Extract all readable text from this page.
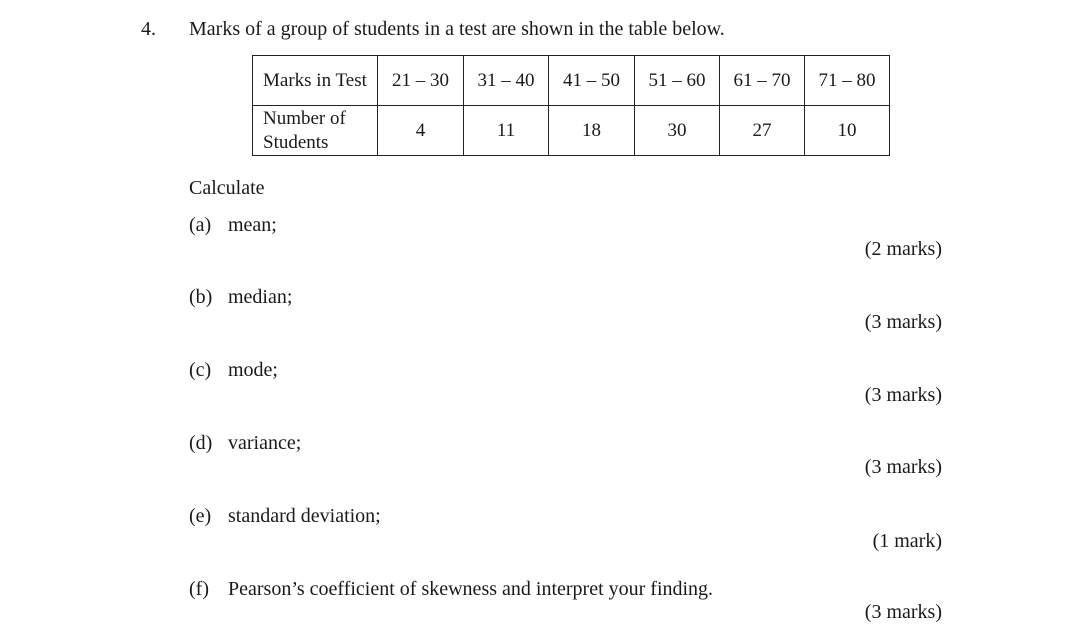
4. Marks of a group of students in a test are shown in the table below.
Marks in Test	21 – 30	31 – 40	41 – 50	51 – 60	61 – 70	71 – 80
Number of Students	4	11	18	30	27	10
Calculate
(a) mean;
(2 marks)
(b) median;
(3 marks)
(c) mode;
(3 marks)
(d) variance;
(3 marks)
(e) standard deviation;
(1 mark)
(f) Pearson’s coefficient of skewness and interpret your finding.
(3 marks)
